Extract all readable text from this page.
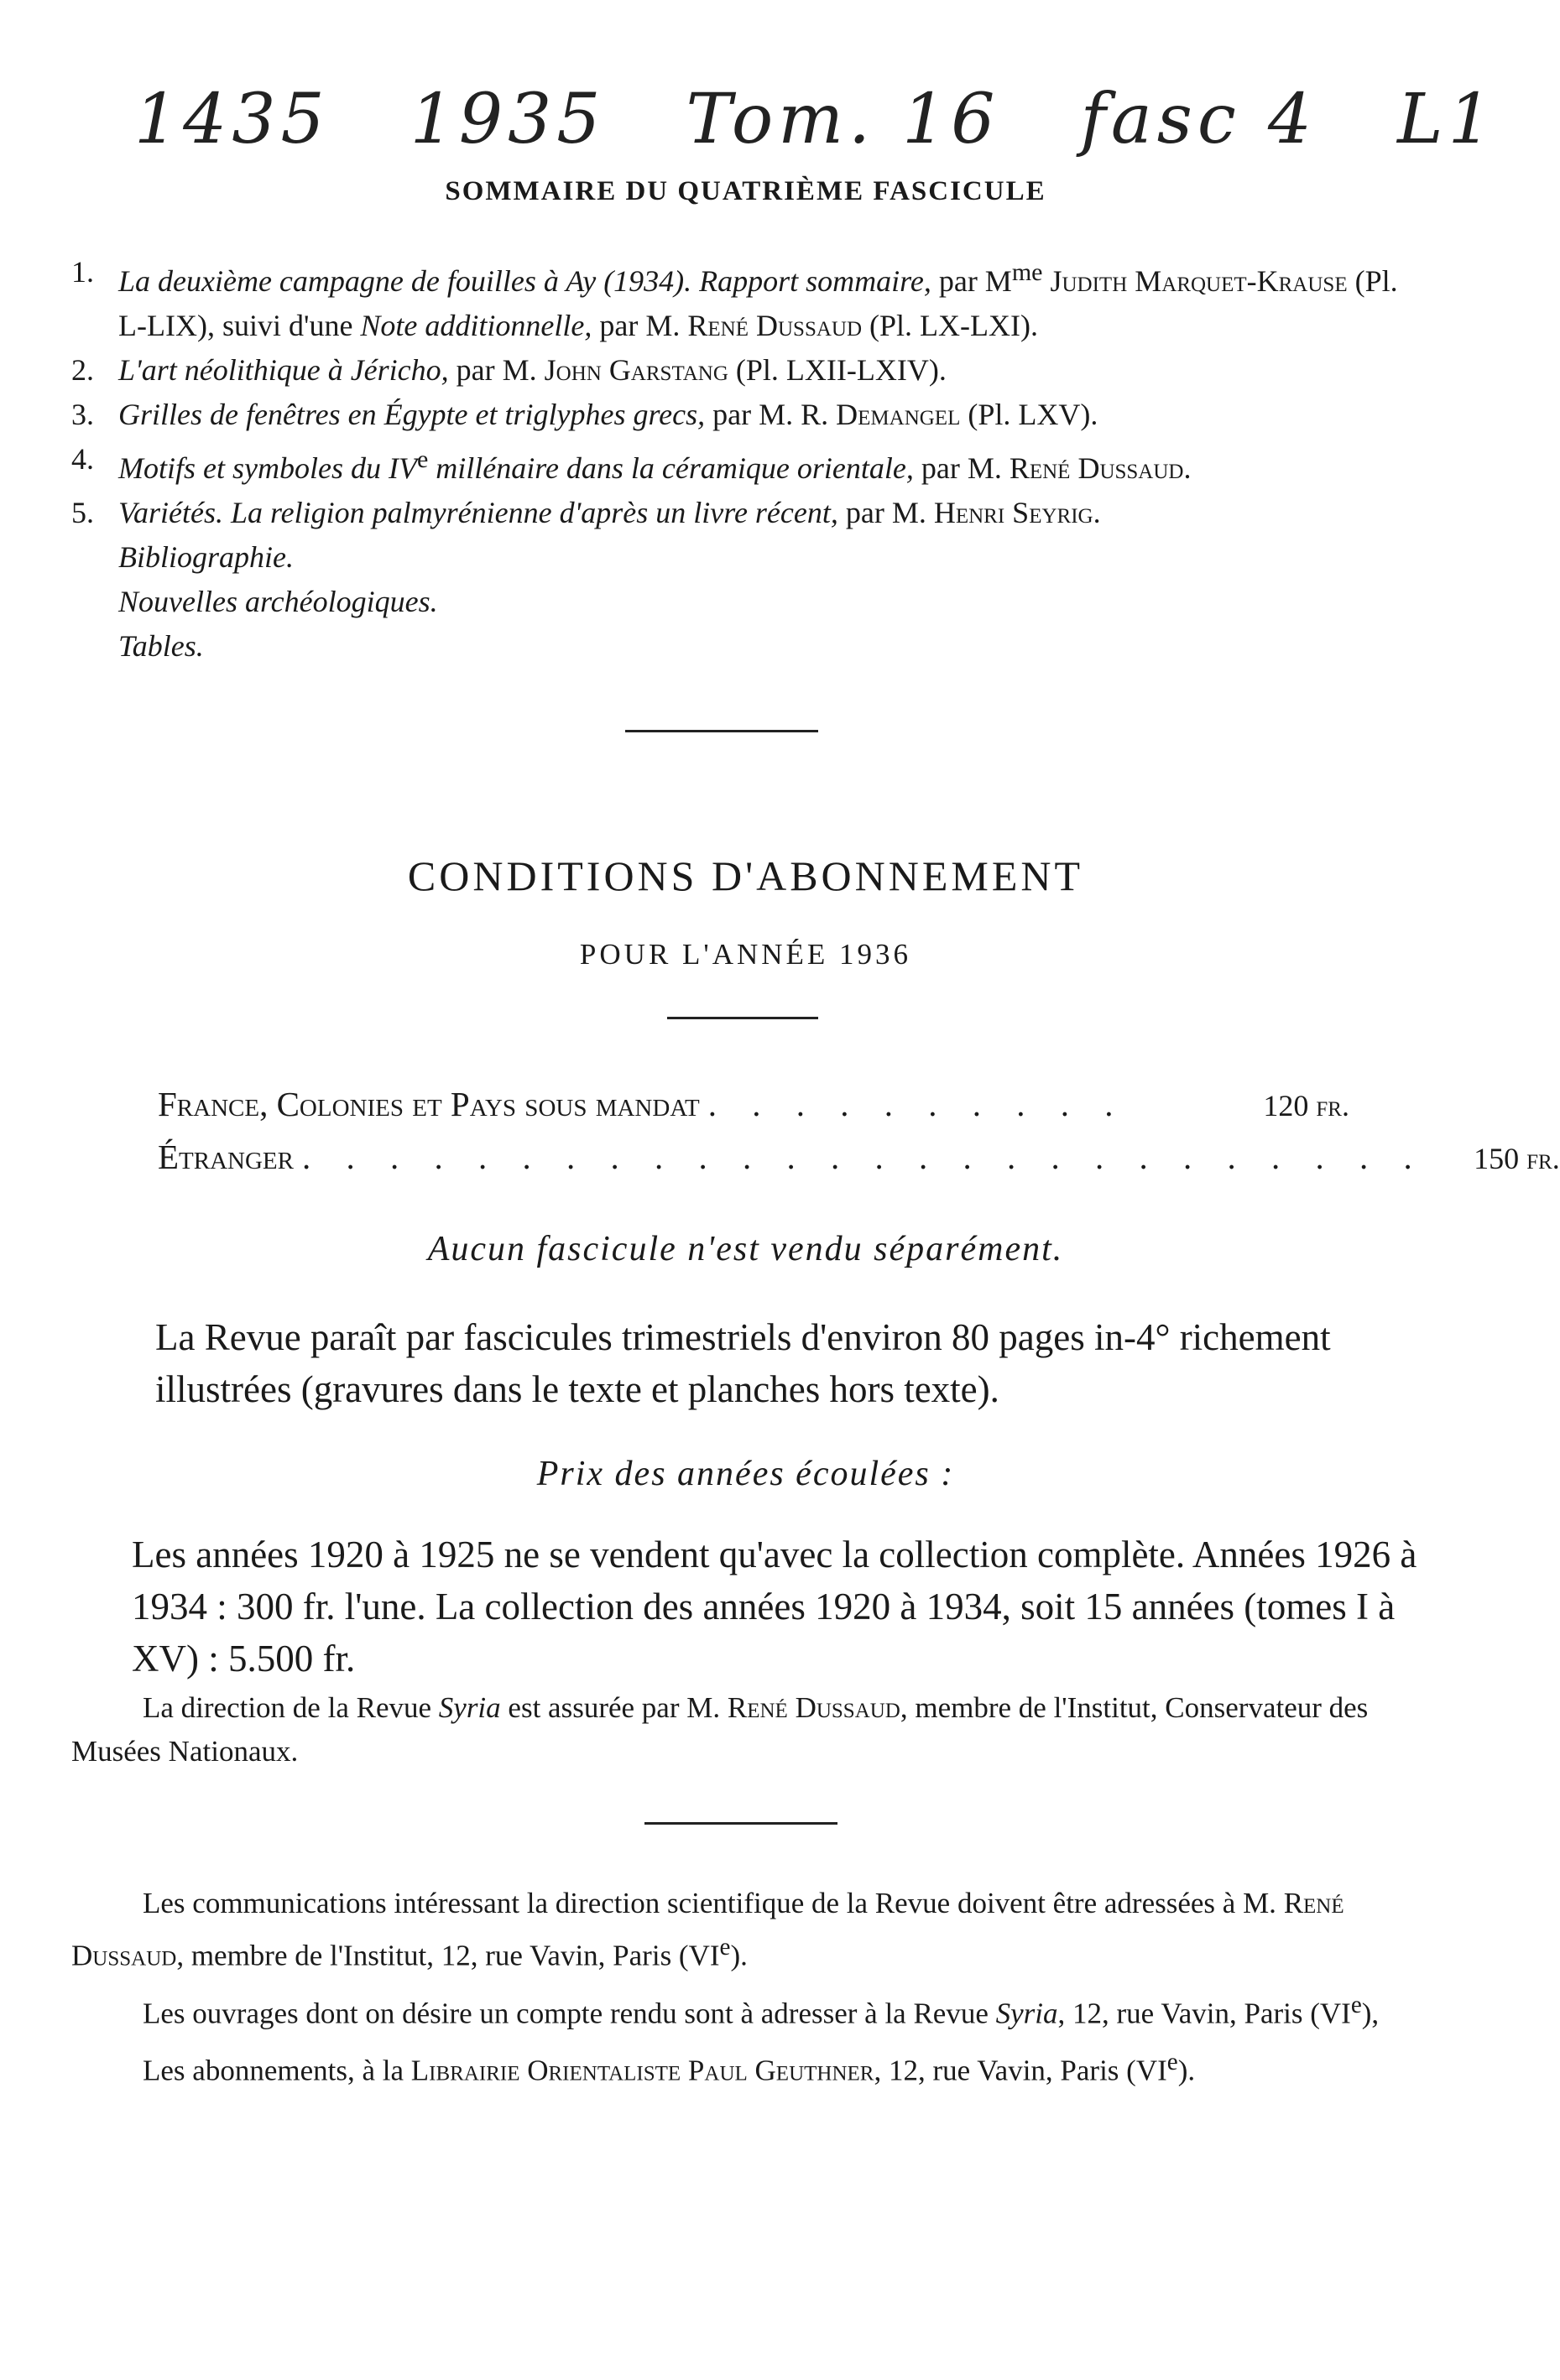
1435 1935 Tom. 16 fasc 4 L1
SOMMAIRE DU QUATRIÈME FASCICULE
1. La deuxième campagne de fouilles à Ay (1934). Rapport sommaire, par $M^{me}$ Judith Marquet-Krause (Pl. L-LIX), suivi d'une Note additionnelle, par M. René Dussaud (Pl. LX-LXI).
2. L'art néolithique à Jéricho, par M. John Garstang (Pl. LXII-LXIV).
3. Grilles de fenêtres en Égypte et triglyphes grecs, par M. R. Demangel (Pl. LXV).
4. Motifs et symboles du IVe millénaire dans la céramique orientale, par M. René Dussaud.
5. Variétés. La religion palmyrénienne d'après un livre récent, par M. Henri Seyrig.
Bibliographie.
Nouvelles archéologiques.
Tables.
CONDITIONS D'ABONNEMENT
POUR L'ANNÉE 1936
France, Colonies et Pays sous mandat . . . . . . . . . .	120 fr.
Étranger . . . . . . . . . . . . . . . . . . . . . . . . . .	150 fr.
Aucun fascicule n'est vendu séparément.
La Revue paraît par fascicules trimestriels d'environ 80 pages in-4° richement illustrées (gravures dans le texte et planches hors texte).
Prix des années écoulées :
Les années 1920 à 1925 ne se vendent qu'avec la collection complète. Années 1926 à 1934 : 300 fr. l'une. La collection des années 1920 à 1934, soit 15 années (tomes I à XV) : 5.500 fr.

La direction de la Revue Syria est assurée par M. René Dussaud, membre de l'Institut, Conservateur des Musées Nationaux.

Les communications intéressant la direction scientifique de la Revue doivent être adressées à M. René Dussaud, membre de l'Institut, 12, rue Vavin, Paris (VIe).

Les ouvrages dont on désire un compte rendu sont à adresser à la Revue Syria, 12, rue Vavin, Paris (VIe),

Les abonnements, à la Librairie Orientaliste Paul Geuthner, 12, rue Vavin, Paris (VIe).
